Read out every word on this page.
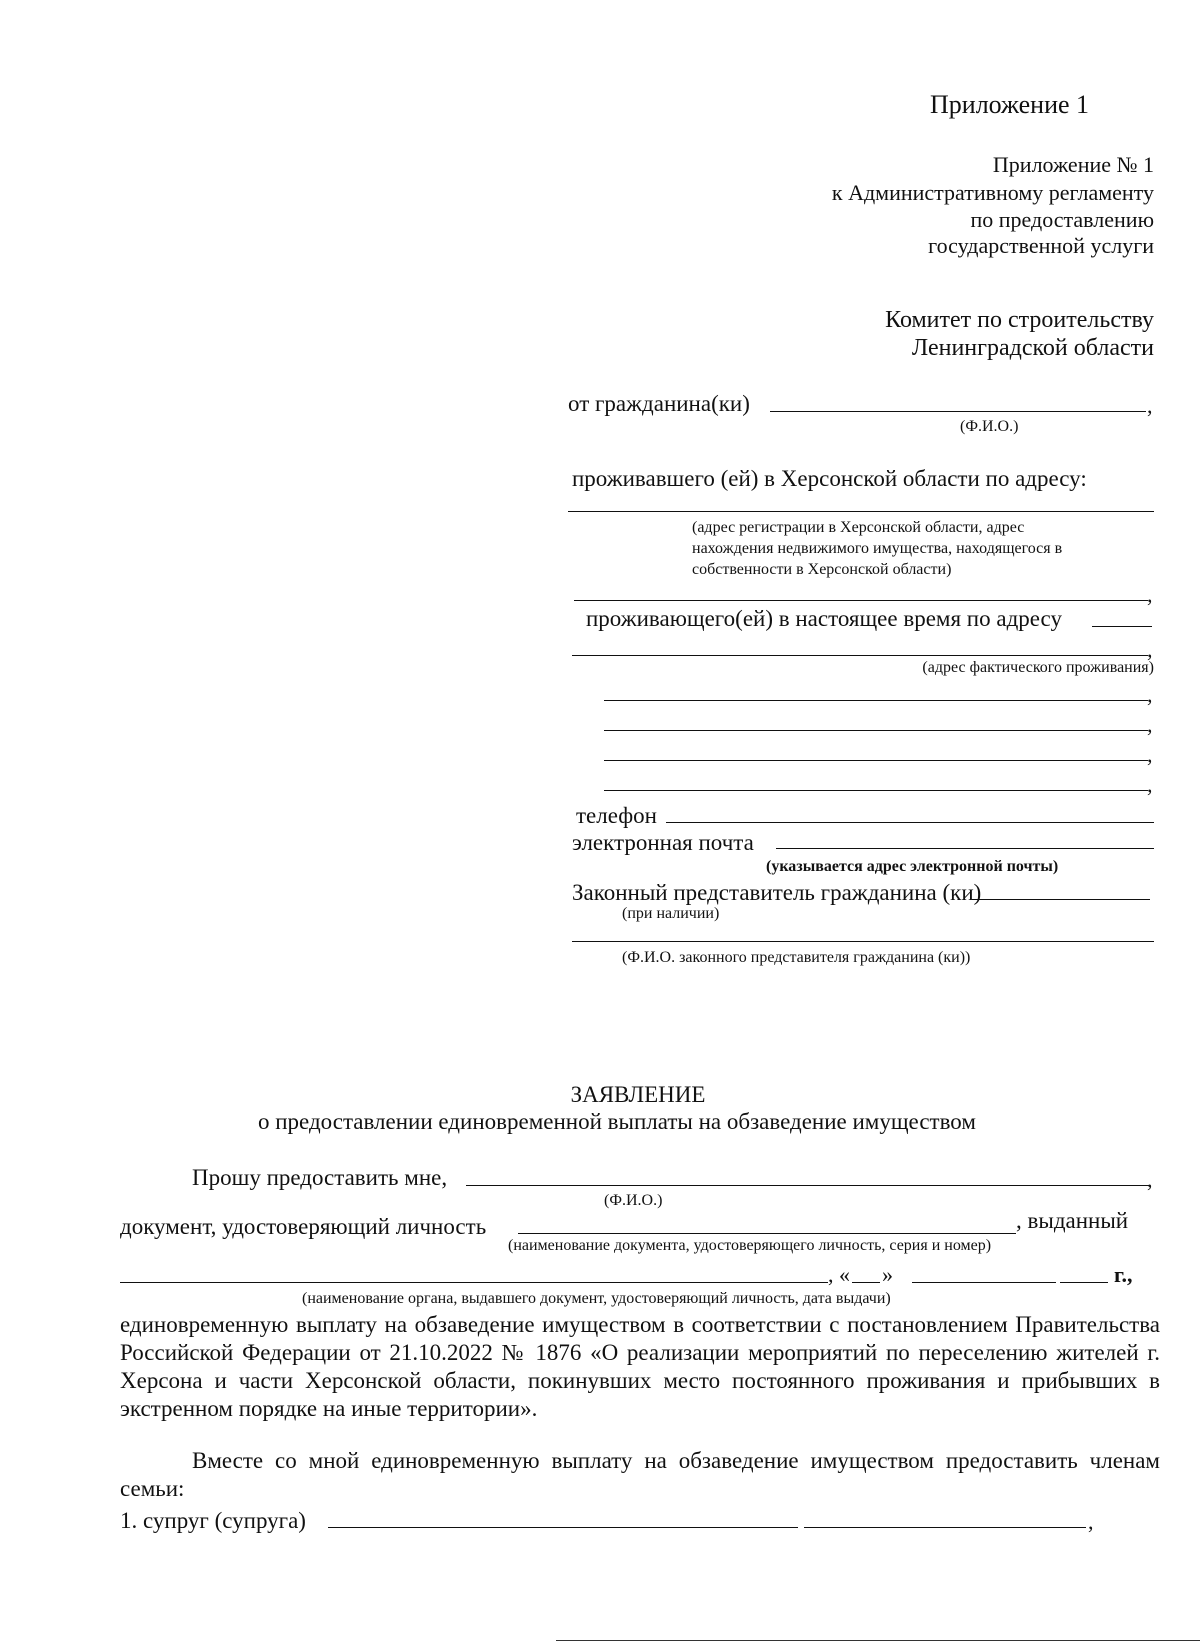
Приложение 1
Приложение № 1
к Административному регламенту
по предоставлению
государственной услуги
Комитет по строительству
Ленинградской области
от гражданина(ки)	,
(Ф.И.О.)
проживавшего (ей) в Херсонской области по адресу:
(адрес регистрации в Херсонской области, адрес
нахождения недвижимого имущества, находящегося в
собственности в Херсонской области)
,
проживающего(ей) в настоящее время по адресу
,
(адрес фактического проживания)
,
,
,
,
телефон
электронная почта
(указывается адрес электронной почты)
Законный представитель гражданина (ки)
(при наличии)
(Ф.И.О. законного представителя гражданина (ки))
ЗАЯВЛЕНИЕ
о предоставлении единовременной выплаты на обзаведение имуществом
Прошу предоставить мне,	,
(Ф.И.О.)
документ, удостоверяющий личность	, выданный
(наименование документа, удостоверяющего личность, серия и номер)
, « »	г.,
(наименование органа, выдавшего документ, удостоверяющий личность, дата выдачи)
единовременную выплату на обзаведение имуществом в соответствии с постановлением Правительства Российской Федерации от 21.10.2022 № 1876 «О реализации мероприятий по переселению жителей г. Херсона и части Херсонской области, покинувших место постоянного проживания и прибывших в экстренном порядке на иные территории».
Вместе со мной единовременную выплату на обзаведение имуществом предоставить членам семьи:
1. супруг (супруга)	,
